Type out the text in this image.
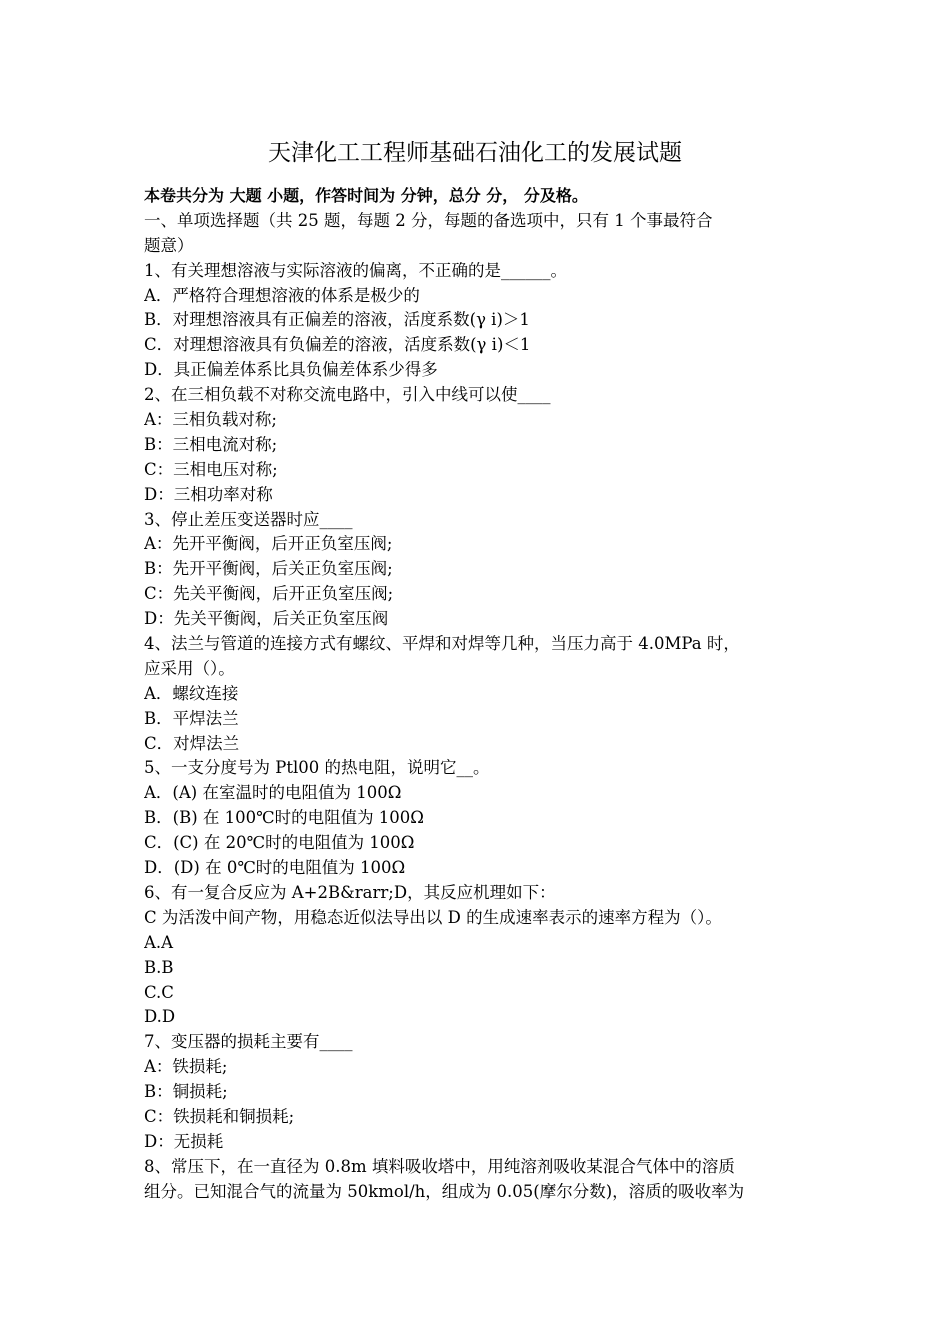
天津化工工程师基础石油化工的发展试题
本卷共分为 大题 小题，作答时间为 分钟，总分 分， 分及格。
一、单项选择题（共 25 题，每题 2 分，每题的备选项中，只有 1 个事最符合
题意）
1、有关理想溶液与实际溶液的偏离，不正确的是______。
A．严格符合理想溶液的体系是极少的
B．对理想溶液具有正偏差的溶液，活度系数(γ i)＞1
C．对理想溶液具有负偏差的溶液，活度系数(γ i)＜1
D．具正偏差体系比具负偏差体系少得多
2、在三相负载不对称交流电路中，引入中线可以使____
A：三相负载对称;
B：三相电流对称;
C：三相电压对称;
D：三相功率对称
3、停止差压变送器时应____
A：先开平衡阀，后开正负室压阀;
B：先开平衡阀，后关正负室压阀;
C：先关平衡阀，后开正负室压阀;
D：先关平衡阀，后关正负室压阀
4、法兰与管道的连接方式有螺纹、平焊和对焊等几种，当压力高于 4.0MPa 时，
应采用（）。
A．螺纹连接
B．平焊法兰
C．对焊法兰
5、一支分度号为 Ptl00 的热电阻，说明它__。
A．(A) 在室温时的电阻值为 100Ω
B．(B) 在 100℃时的电阻值为 100Ω
C．(C) 在 20℃时的电阻值为 100Ω
D．(D) 在 0℃时的电阻值为 100Ω
6、有一复合反应为 A+2B&rarr;D，其反应机理如下：
C 为活泼中间产物，用稳态近似法导出以 D 的生成速率表示的速率方程为（）。
A.A
B.B
C.C
D.D
7、变压器的损耗主要有____
A：铁损耗;
B：铜损耗;
C：铁损耗和铜损耗;
D：无损耗
8、常压下，在一直径为 0.8m 填料吸收塔中，用纯溶剂吸收某混合气体中的溶质
组分。已知混合气的流量为 50kmol/h，组成为 0.05(摩尔分数)，溶质的吸收率为
